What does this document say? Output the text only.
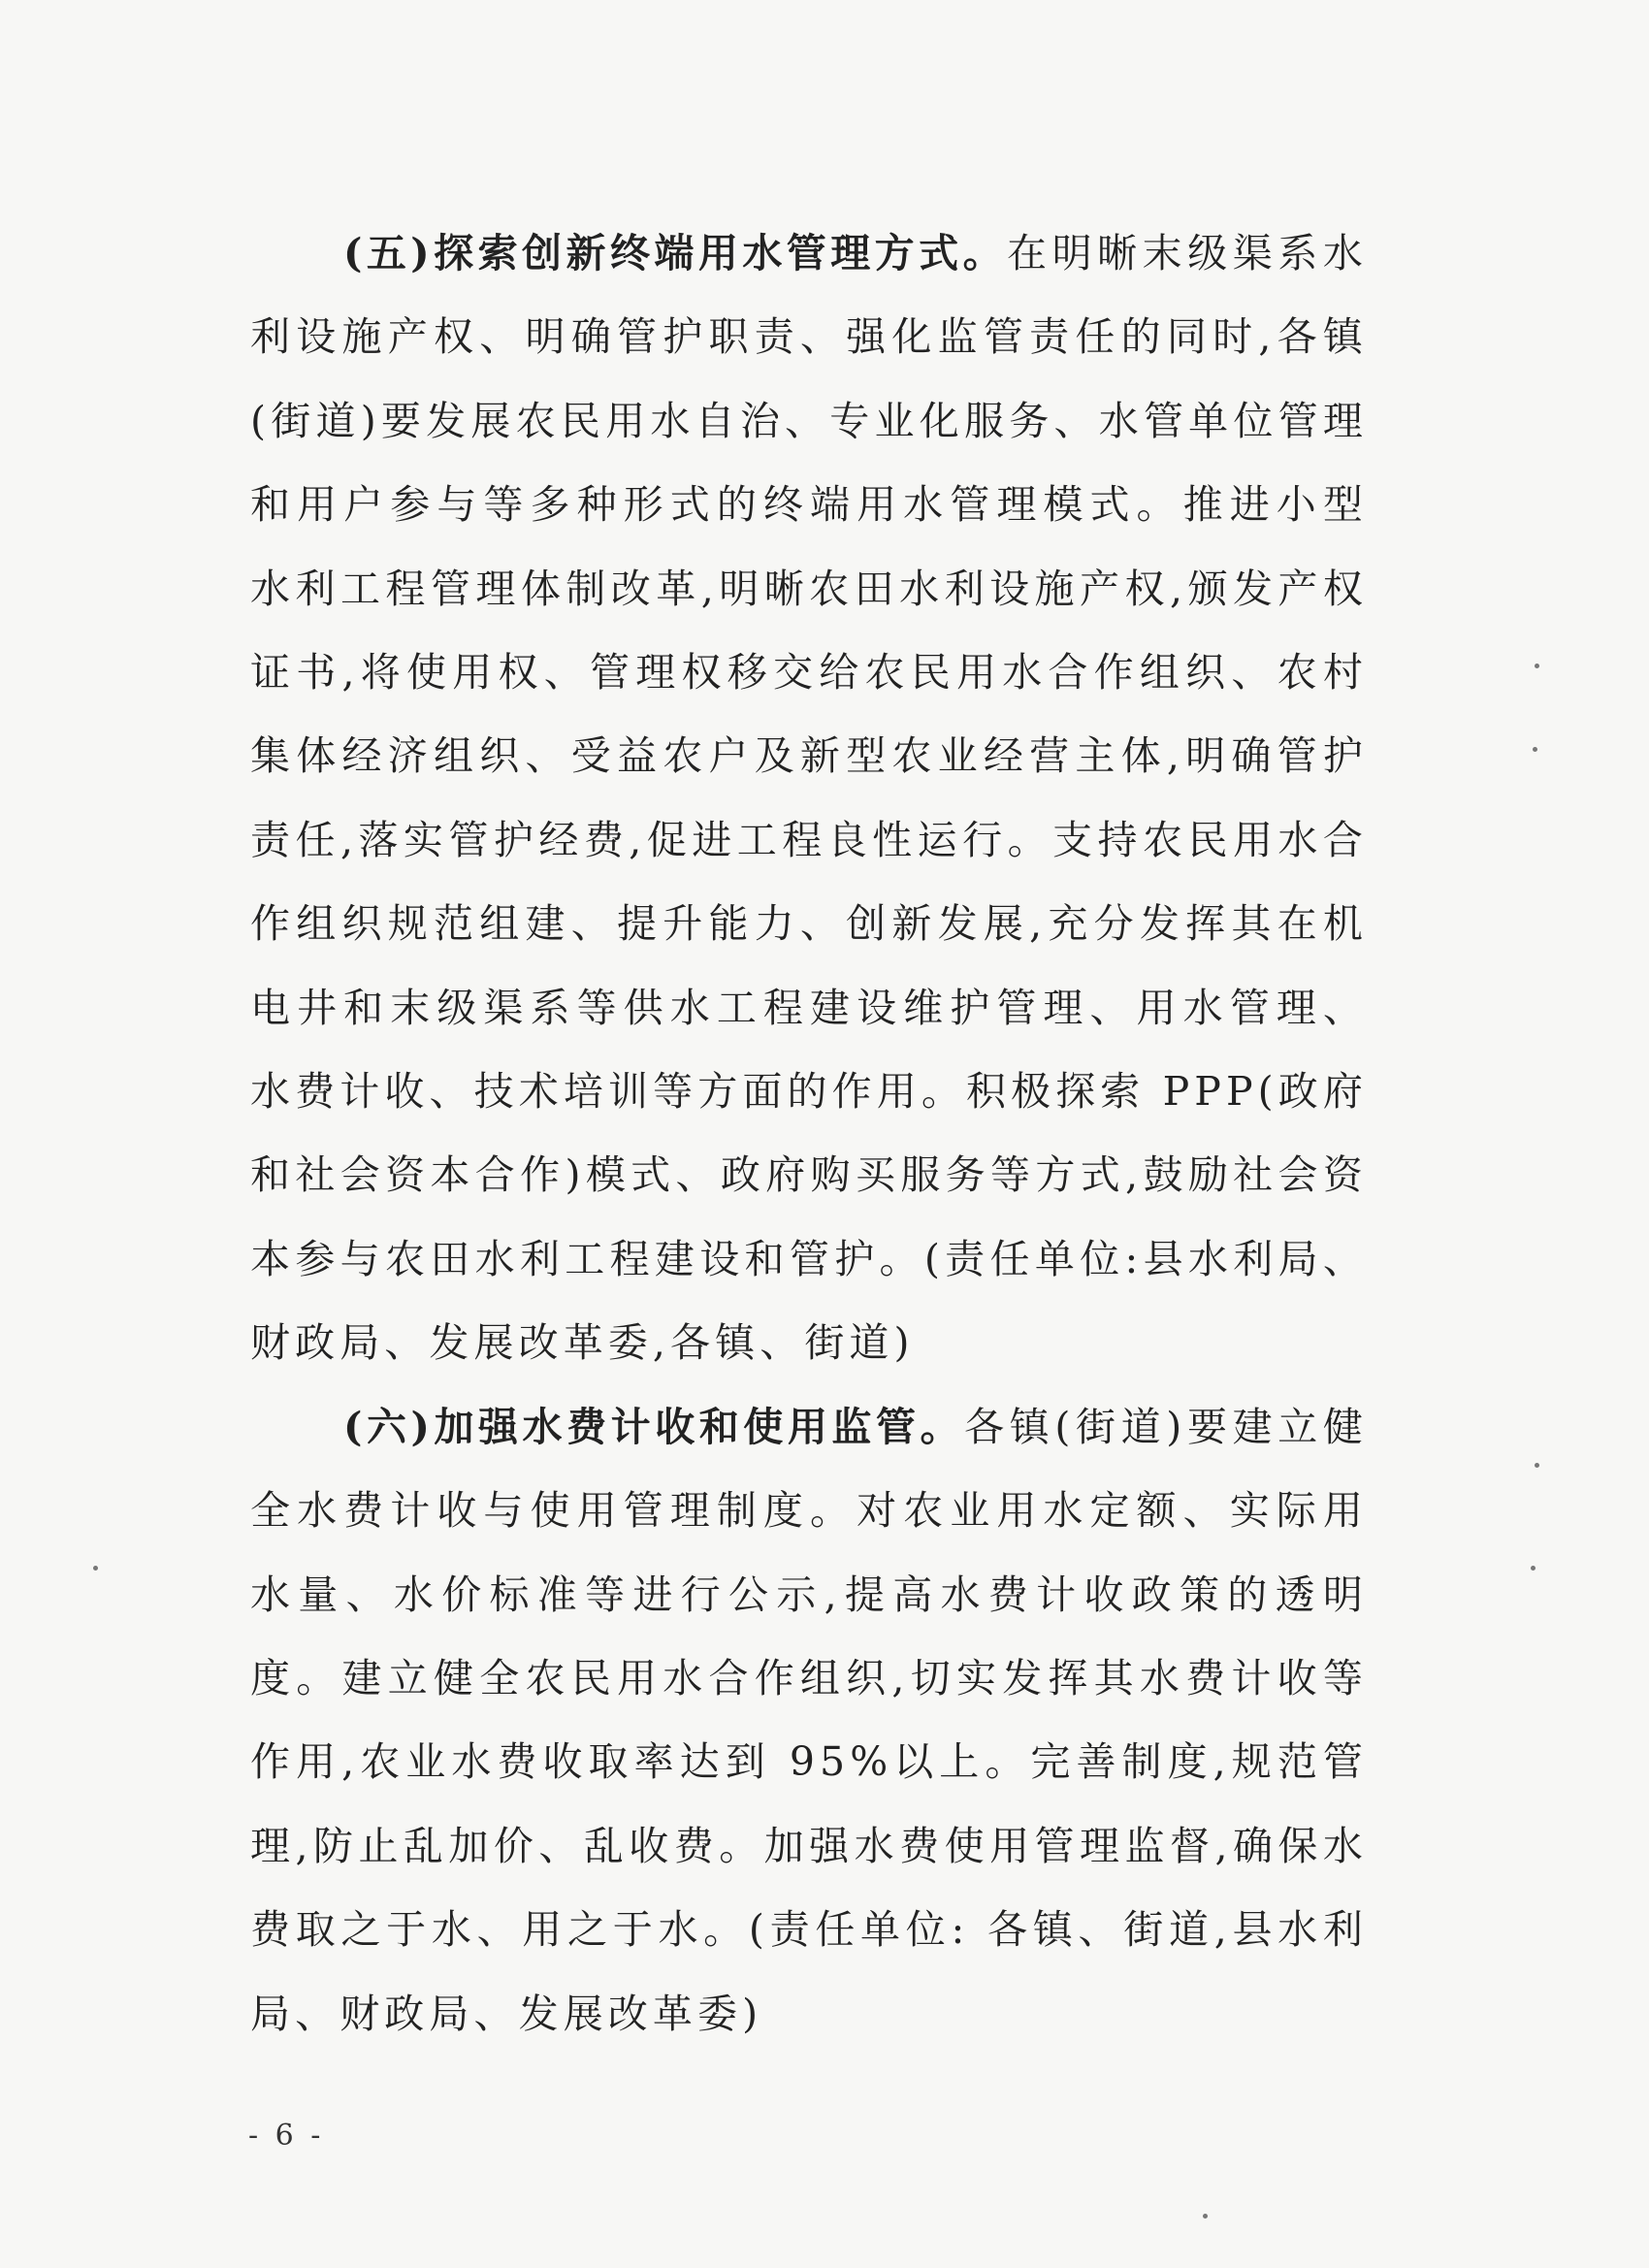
(五)探索创新终端用水管理方式。在明晰末级渠系水利设施产权、明确管护职责、强化监管责任的同时,各镇(街道)要发展农民用水自治、专业化服务、水管单位管理和用户参与等多种形式的终端用水管理模式。推进小型水利工程管理体制改革,明晰农田水利设施产权,颁发产权证书,将使用权、管理权移交给农民用水合作组织、农村集体经济组织、受益农户及新型农业经营主体,明确管护责任,落实管护经费,促进工程良性运行。支持农民用水合作组织规范组建、提升能力、创新发展,充分发挥其在机电井和末级渠系等供水工程建设维护管理、用水管理、水费计收、技术培训等方面的作用。积极探索 PPP(政府和社会资本合作)模式、政府购买服务等方式,鼓励社会资本参与农田水利工程建设和管护。(责任单位:县水利局、财政局、发展改革委,各镇、街道)

(六)加强水费计收和使用监管。各镇(街道)要建立健全水费计收与使用管理制度。对农业用水定额、实际用水量、水价标准等进行公示,提高水费计收政策的透明度。建立健全农民用水合作组织,切实发挥其水费计收等作用,农业水费收取率达到 95%以上。完善制度,规范管理,防止乱加价、乱收费。加强水费使用管理监督,确保水费取之于水、用之于水。(责任单位: 各镇、街道,县水利局、财政局、发展改革委)

- 6 -
